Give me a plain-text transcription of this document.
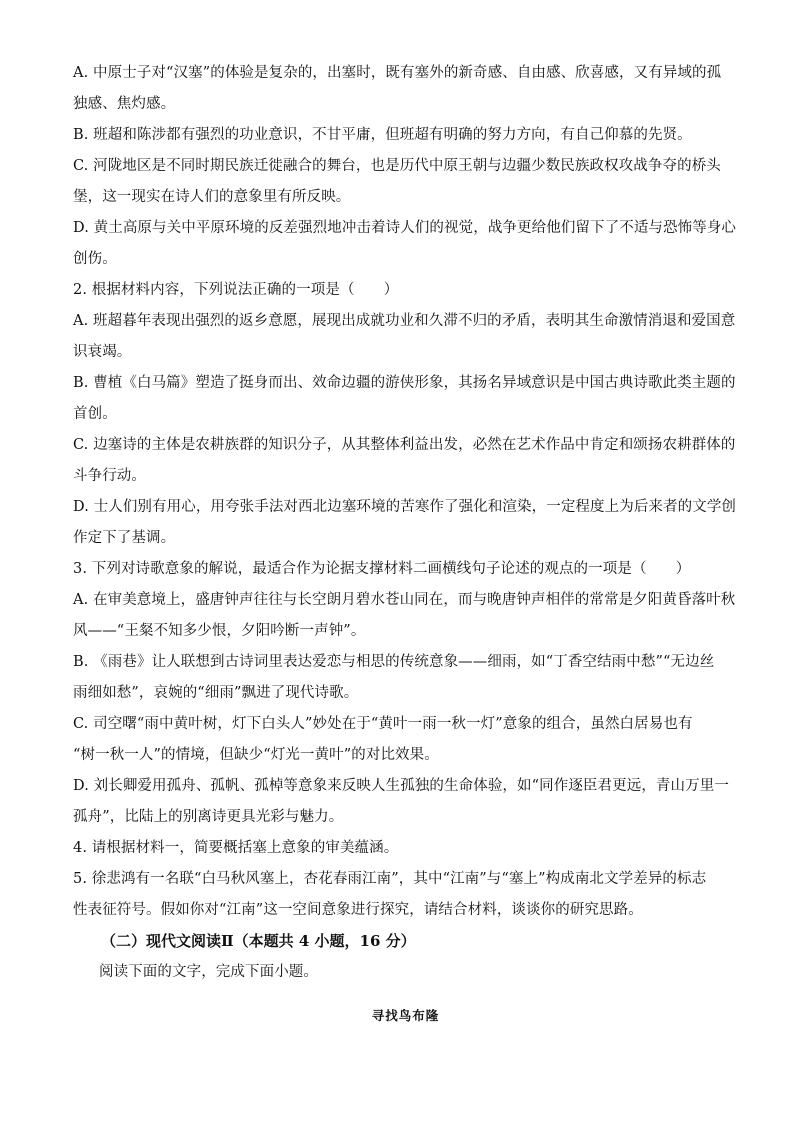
A. 中原士子对“汉塞”的体验是复杂的，出塞时，既有塞外的新奇感、自由感、欣喜感，又有异域的孤
独感、焦灼感。
B. 班超和陈涉都有强烈的功业意识，不甘平庸，但班超有明确的努力方向，有自己仰慕的先贤。
C. 河陇地区是不同时期民族迁徙融合的舞台，也是历代中原王朝与边疆少数民族政权攻战争夺的桥头
堡，这一现实在诗人们的意象里有所反映。
D. 黄土高原与关中平原环境的反差强烈地冲击着诗人们的视觉，战争更给他们留下了不适与恐怖等身心
创伤。
2. 根据材料内容，下列说法正确的一项是（　　）
A. 班超暮年表现出强烈的返乡意愿，展现出成就功业和久滞不归的矛盾，表明其生命激情消退和爱国意
识衰竭。
B. 曹植《白马篇》塑造了挺身而出、效命边疆的游侠形象，其扬名异域意识是中国古典诗歌此类主题的
首创。
C. 边塞诗的主体是农耕族群的知识分子，从其整体利益出发，必然在艺术作品中肯定和颂扬农耕群体的
斗争行动。
D. 士人们别有用心，用夸张手法对西北边塞环境的苦寒作了强化和渲染，一定程度上为后来者的文学创
作定下了基调。
3. 下列对诗歌意象的解说，最适合作为论据支撑材料二画横线句子论述的观点的一项是（　　）
A. 在审美意境上，盛唐钟声往往与长空朗月碧水苍山同在，而与晚唐钟声相伴的常常是夕阳黄昏落叶秋
风——“王粲不知多少恨，夕阳吟断一声钟”。
B. 《雨巷》让人联想到古诗词里表达爱恋与相思的传统意象——细雨，如“丁香空结雨中愁”“无边丝
雨细如愁”，哀婉的“细雨”飘进了现代诗歌。
C. 司空曙“雨中黄叶树，灯下白头人”妙处在于“黄叶一雨一秋一灯”意象的组合，虽然白居易也有
“树一秋一人”的情境，但缺少“灯光一黄叶”的对比效果。
D. 刘长卿爱用孤舟、孤帆、孤棹等意象来反映人生孤独的生命体验，如“同作逐臣君更远，青山万里一
孤舟”，比陆上的别离诗更具光彩与魅力。
4. 请根据材料一，简要概括塞上意象的审美蕴涵。
5. 徐悲鸿有一名联“白马秋风塞上，杏花春雨江南”，其中“江南”与“塞上”构成南北文学差异的标志
性表征符号。假如你对“江南”这一空间意象进行探究，请结合材料，谈谈你的研究思路。
（二）现代文阅读Ⅱ（本题共 4 小题，16 分）
阅读下面的文字，完成下面小题。
寻找鸟布隆
